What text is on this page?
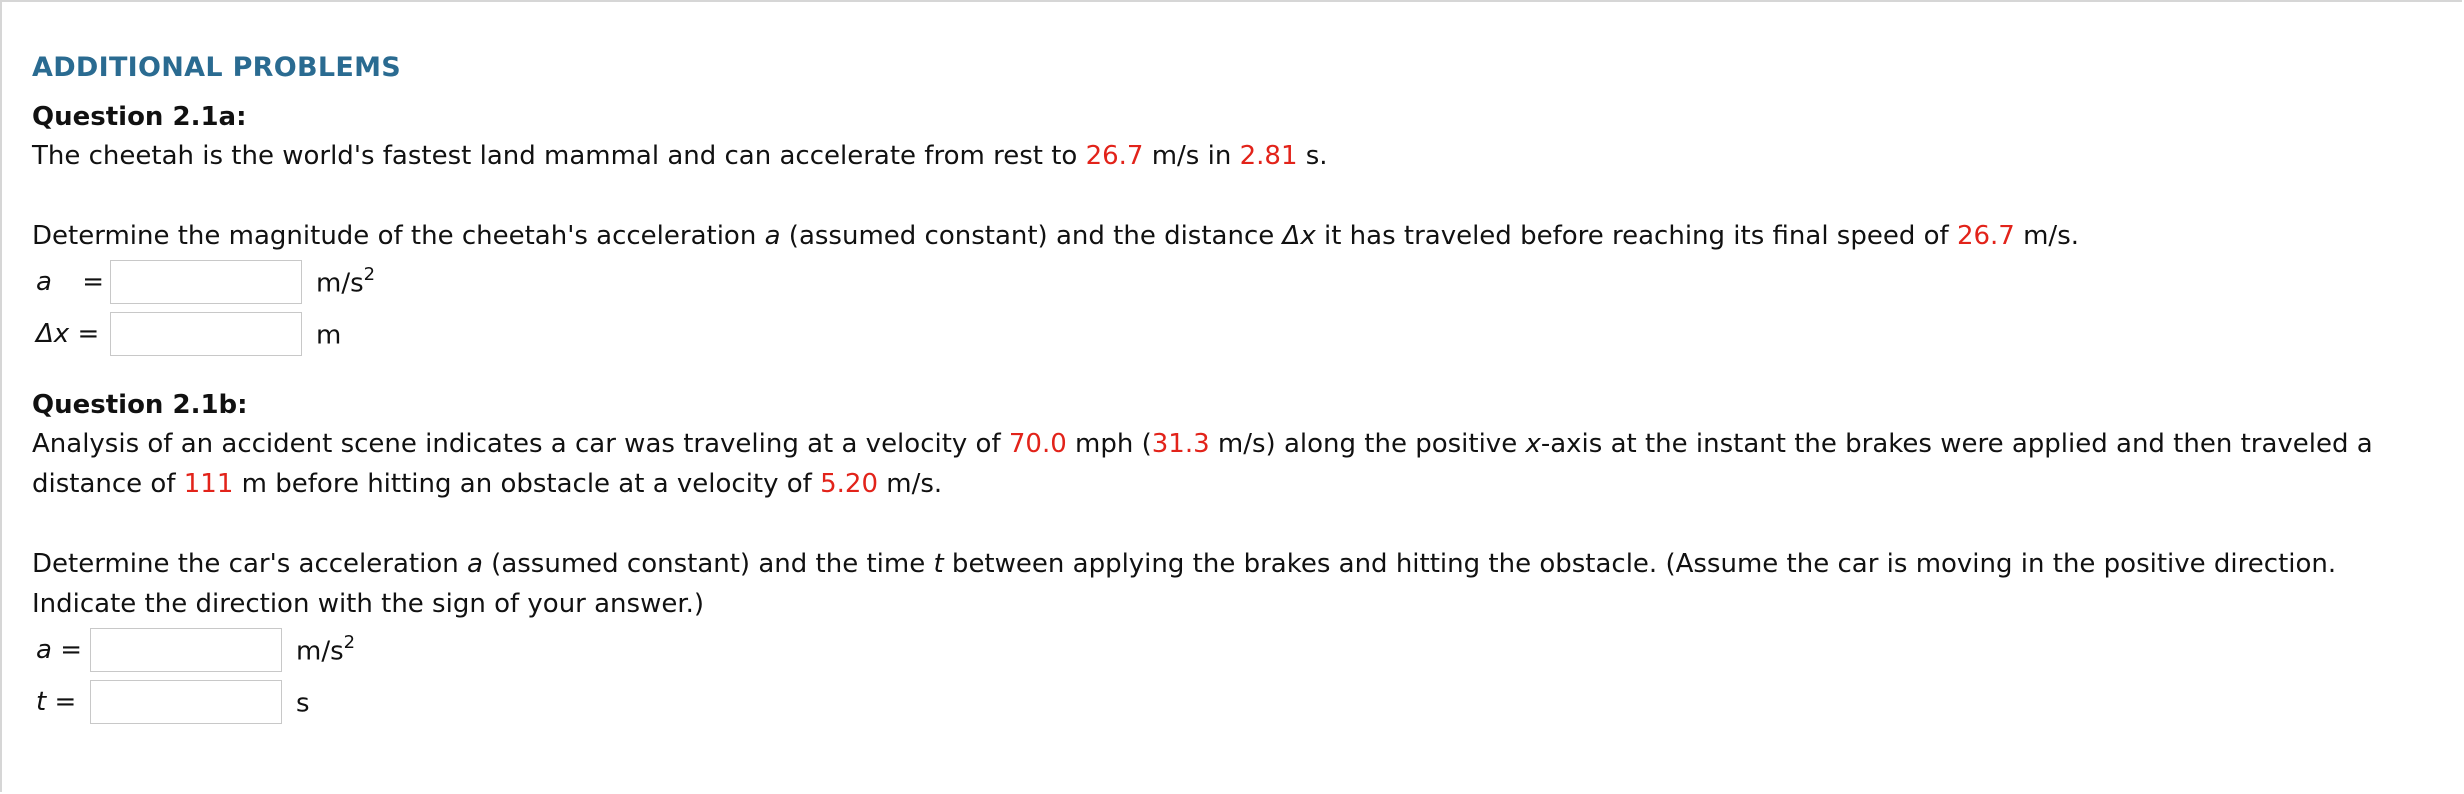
ADDITIONAL PROBLEMS
Question 2.1a:

The cheetah is the world's fastest land mammal and can accelerate from rest to 26.7 m/s in 2.81 s.

Determine the magnitude of the cheetah's acceleration a (assumed constant) and the distance Δx it has traveled before reaching its final speed of 26.7 m/s.

a =	$m/s^2$
Δx =	m
Question 2.1b:

Analysis of an accident scene indicates a car was traveling at a velocity of 70.0 mph (31.3 m/s) along the positive x-axis at the instant the brakes were applied and then traveled a distance of 111 m before hitting an obstacle at a velocity of 5.20 m/s.

Determine the car's acceleration a (assumed constant) and the time t between applying the brakes and hitting the obstacle. (Assume the car is moving in the positive direction. Indicate the direction with the sign of your answer.)

a =	$m/s^2$
t =	s
